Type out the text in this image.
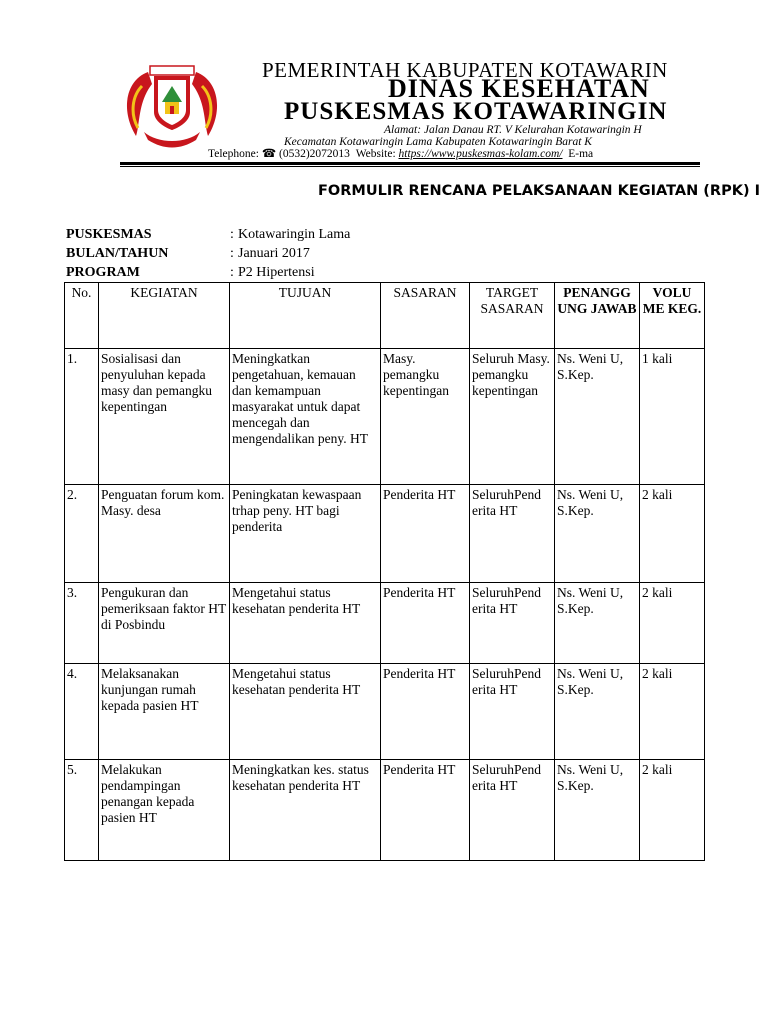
PEMERINTAH KABUPATEN KOTAWARIN
DINAS KESEHATAN
PUSKESMAS KOTAWARINGIN
Alamat: Jalan Danau RT. V Kelurahan Kotawaringin H
Kecamatan Kotawaringin Lama Kabupaten Kotawaringin Barat K
Telephone: ☎ (0532)2072013 Website: https://www.puskesmas-kolam.com/ E-ma
FORMULIR RENCANA PELAKSANAAN KEGIATAN (RPK) I
PUSKESMAS	: Kotawaringin Lama
BULAN/TAHUN	: Januari 2017
PROGRAM	: P2 Hipertensi
No.	KEGIATAN	TUJUAN	SASARAN	TARGET SASARAN	PENANGG UNG JAWAB	VOLU ME KEG.
1.	Sosialisasi dan penyuluhan kepada masy dan pemangku kepentingan	Meningkatkan pengetahuan, kemauan dan kemampuan masyarakat untuk dapat mencegah dan mengendalikan peny. HT	Masy. pemangku kepentingan	Seluruh Masy. pemangku kepentingan	Ns. Weni U, S.Kep.	1 kali
2.	Penguatan forum kom. Masy. desa	Peningkatan kewaspaan trhap peny. HT bagi penderita	Penderita HT	SeluruhPend erita HT	Ns. Weni U, S.Kep.	2 kali
3.	Pengukuran dan pemeriksaan faktor HT di Posbindu	Mengetahui status kesehatan penderita HT	Penderita HT	SeluruhPend erita HT	Ns. Weni U, S.Kep.	2 kali
4.	Melaksanakan kunjungan rumah kepada pasien HT	Mengetahui status kesehatan penderita HT	Penderita HT	SeluruhPend erita HT	Ns. Weni U, S.Kep.	2 kali
5.	Melakukan pendampingan penangan kepada pasien HT	Meningkatkan kes. status kesehatan penderita HT	Penderita HT	SeluruhPend erita HT	Ns. Weni U, S.Kep.	2 kali
